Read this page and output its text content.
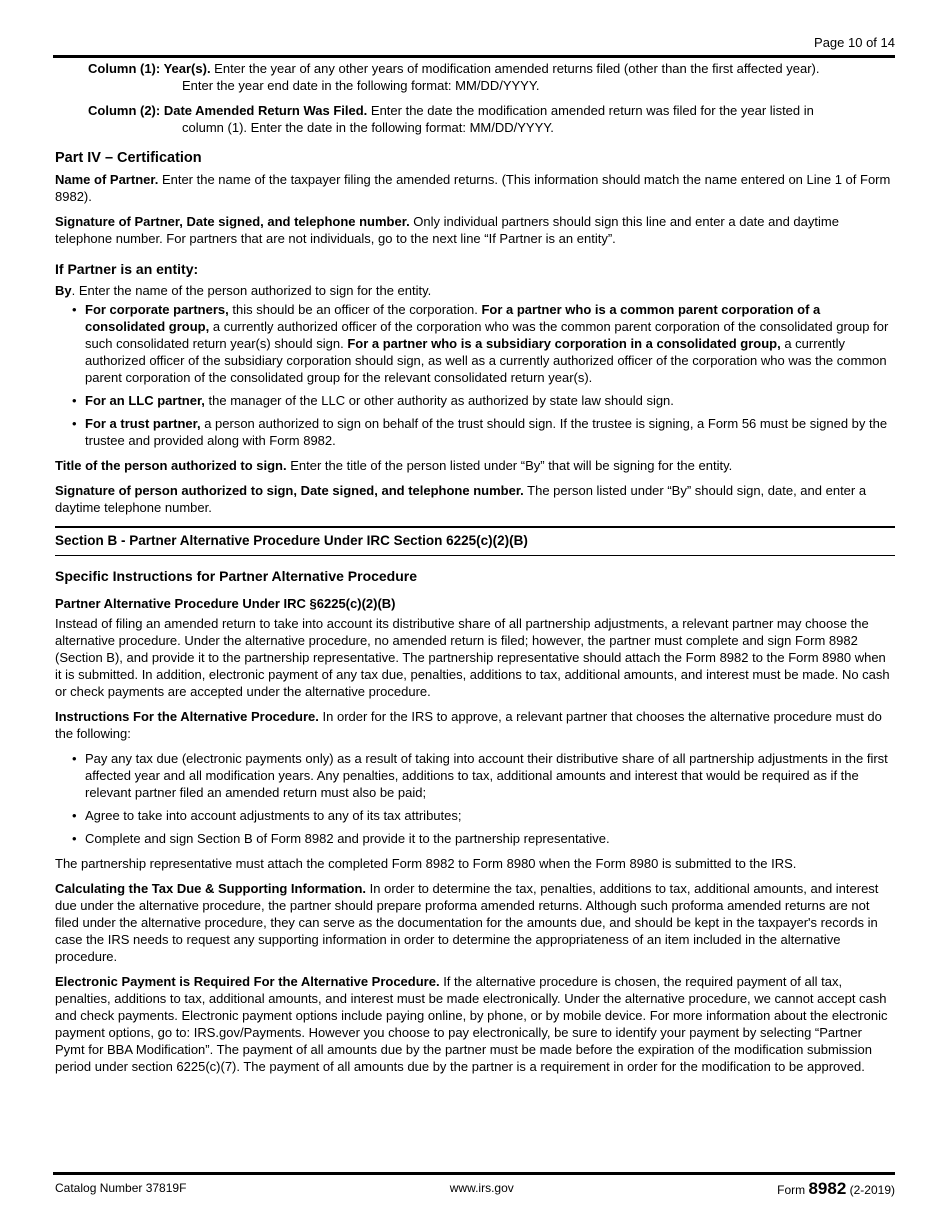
Page 10 of 14

Column (1): Year(s). Enter the year of any other years of modification amended returns filed (other than the first affected year).
Enter the year end date in the following format: MM/DD/YYYY.

Column (2): Date Amended Return Was Filed. Enter the date the modification amended return was filed for the year listed in
column (1). Enter the date in the following format: MM/DD/YYYY.

Part IV – Certification

Name of Partner. Enter the name of the taxpayer filing the amended returns. (This information should match the name entered on Line 1 of Form 8982).

Signature of Partner, Date signed, and telephone number. Only individual partners should sign this line and enter a date and daytime telephone number. For partners that are not individuals, go to the next line “If Partner is an entity”.

If Partner is an entity:

By. Enter the name of the person authorized to sign for the entity.

• For corporate partners, this should be an officer of the corporation. For a partner who is a common parent corporation of a consolidated group, a currently authorized officer of the corporation who was the common parent corporation of the consolidated group for such consolidated return year(s) should sign. For a partner who is a subsidiary corporation in a consolidated group, a currently authorized officer of the subsidiary corporation should sign, as well as a currently authorized officer of the corporation who was the common parent corporation of the consolidated group for the relevant consolidated return year(s).
• For an LLC partner, the manager of the LLC or other authority as authorized by state law should sign.
• For a trust partner, a person authorized to sign on behalf of the trust should sign. If the trustee is signing, a Form 56 must be signed by the trustee and provided along with Form 8982.

Title of the person authorized to sign. Enter the title of the person listed under “By” that will be signing for the entity.

Signature of person authorized to sign, Date signed, and telephone number. The person listed under “By” should sign, date, and enter a daytime telephone number.

Section B - Partner Alternative Procedure Under IRC Section 6225(c)(2)(B)
Specific Instructions for Partner Alternative Procedure
Partner Alternative Procedure Under IRC §6225(c)(2)(B)

Instead of filing an amended return to take into account its distributive share of all partnership adjustments, a relevant partner may choose the alternative procedure. Under the alternative procedure, no amended return is filed; however, the partner must complete and sign Form 8982 (Section B), and provide it to the partnership representative. The partnership representative should attach the Form 8982 to the Form 8980 when it is submitted. In addition, electronic payment of any tax due, penalties, additions to tax, additional amounts, and interest must be made. No cash or check payments are accepted under the alternative procedure.

Instructions For the Alternative Procedure. In order for the IRS to approve, a relevant partner that chooses the alternative procedure must do the following:

• Pay any tax due (electronic payments only) as a result of taking into account their distributive share of all partnership adjustments in the first affected year and all modification years. Any penalties, additions to tax, additional amounts and interest that would be required as if the relevant partner filed an amended return must also be paid;
• Agree to take into account adjustments to any of its tax attributes;
• Complete and sign Section B of Form 8982 and provide it to the partnership representative.

The partnership representative must attach the completed Form 8982 to Form 8980 when the Form 8980 is submitted to the IRS.

Calculating the Tax Due & Supporting Information. In order to determine the tax, penalties, additions to tax, additional amounts, and interest due under the alternative procedure, the partner should prepare proforma amended returns. Although such proforma amended returns are not filed under the alternative procedure, they can serve as the documentation for the amounts due, and should be kept in the taxpayer's records in case the IRS needs to request any supporting information in order to determine the appropriateness of an item included in the alternative procedure.

Electronic Payment is Required For the Alternative Procedure. If the alternative procedure is chosen, the required payment of all tax, penalties, additions to tax, additional amounts, and interest must be made electronically. Under the alternative procedure, we cannot accept cash and check payments. Electronic payment options include paying online, by phone, or by mobile device. For more information about the electronic payment options, go to: IRS.gov/Payments. However you choose to pay electronically, be sure to identify your payment by selecting “Partner Pymt for BBA Modification”. The payment of all amounts due by the partner must be made before the expiration of the modification submission period under section 6225(c)(7). The payment of all amounts due by the partner is a requirement in order for the modification to be approved.

Catalog Number 37819F	www.irs.gov	Form 8982 (2-2019)
